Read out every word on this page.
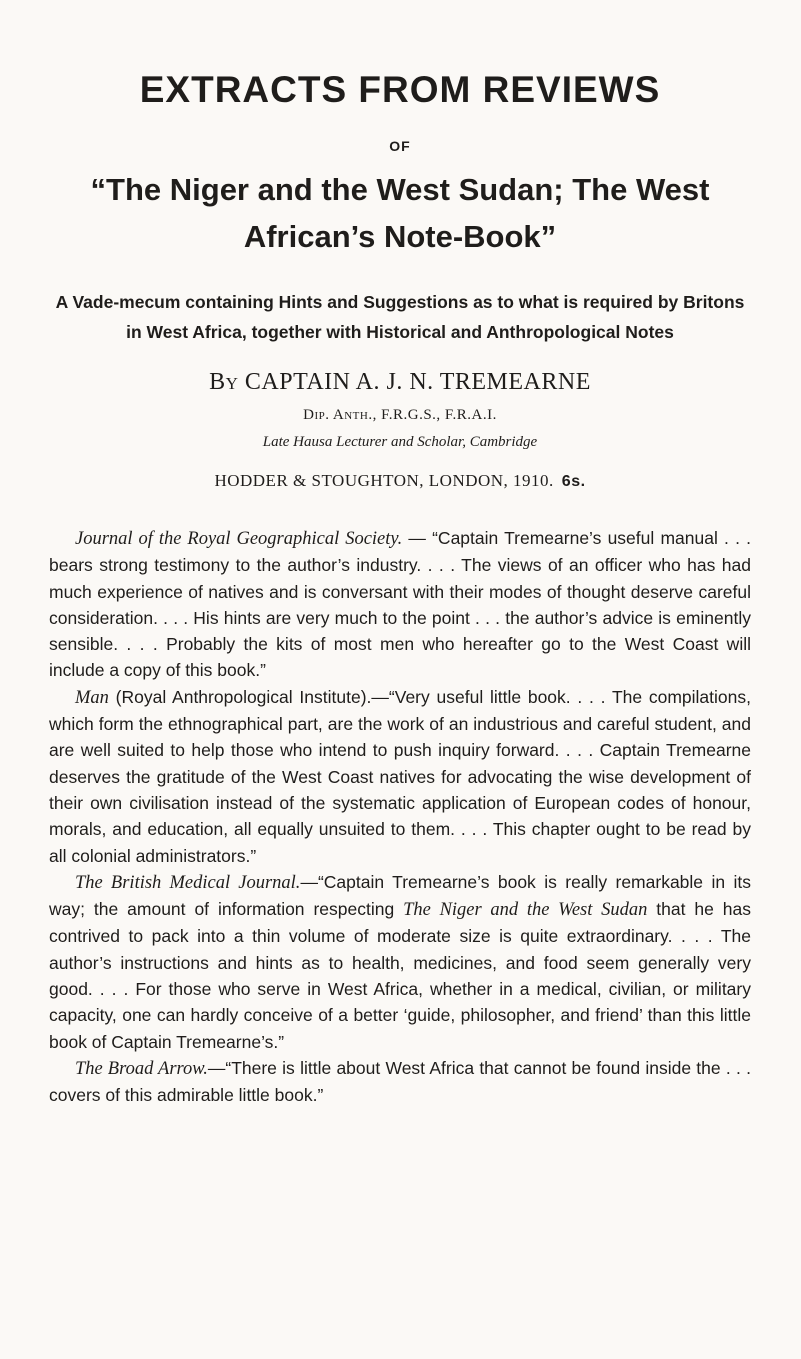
EXTRACTS FROM REVIEWS
OF
“The Niger and the West Sudan; The West
African’s Note-Book”
A Vade-mecum containing Hints and Suggestions as to what is required by Britons in West Africa, together with Historical and Anthropological Notes
By CAPTAIN A. J. N. TREMEARNE
Dip. Anth., F.R.G.S., F.R.A.I.
Late Hausa Lecturer and Scholar, Cambridge
HODDER & STOUGHTON, LONDON, 1910. 6s.

Journal of the Royal Geographical Society. — “Captain Tremearne’s useful manual . . . bears strong testimony to the author’s industry. . . . The views of an officer who has had much experience of natives and is conversant with their modes of thought deserve careful consideration. . . . His hints are very much to the point . . . the author’s advice is eminently sensible. . . . Probably the kits of most men who hereafter go to the West Coast will include a copy of this book.”

Man (Royal Anthropological Institute).—“Very useful little book. . . . The compilations, which form the ethnographical part, are the work of an industrious and careful student, and are well suited to help those who intend to push inquiry forward. . . . Captain Tremearne deserves the gratitude of the West Coast natives for advocating the wise development of their own civilisation instead of the systematic application of European codes of honour, morals, and education, all equally unsuited to them. . . . This chapter ought to be read by all colonial administrators.”

The British Medical Journal.—“Captain Tremearne’s book is really remarkable in its way; the amount of information respecting The Niger and the West Sudan that he has contrived to pack into a thin volume of moderate size is quite extraordinary. . . . The author’s instructions and hints as to health, medicines, and food seem generally very good. . . . For those who serve in West Africa, whether in a medical, civilian, or military capacity, one can hardly conceive of a better ‘guide, philosopher, and friend’ than this little book of Captain Tremearne’s.”

The Broad Arrow.—“There is little about West Africa that cannot be found inside the . . . covers of this admirable little book.”
